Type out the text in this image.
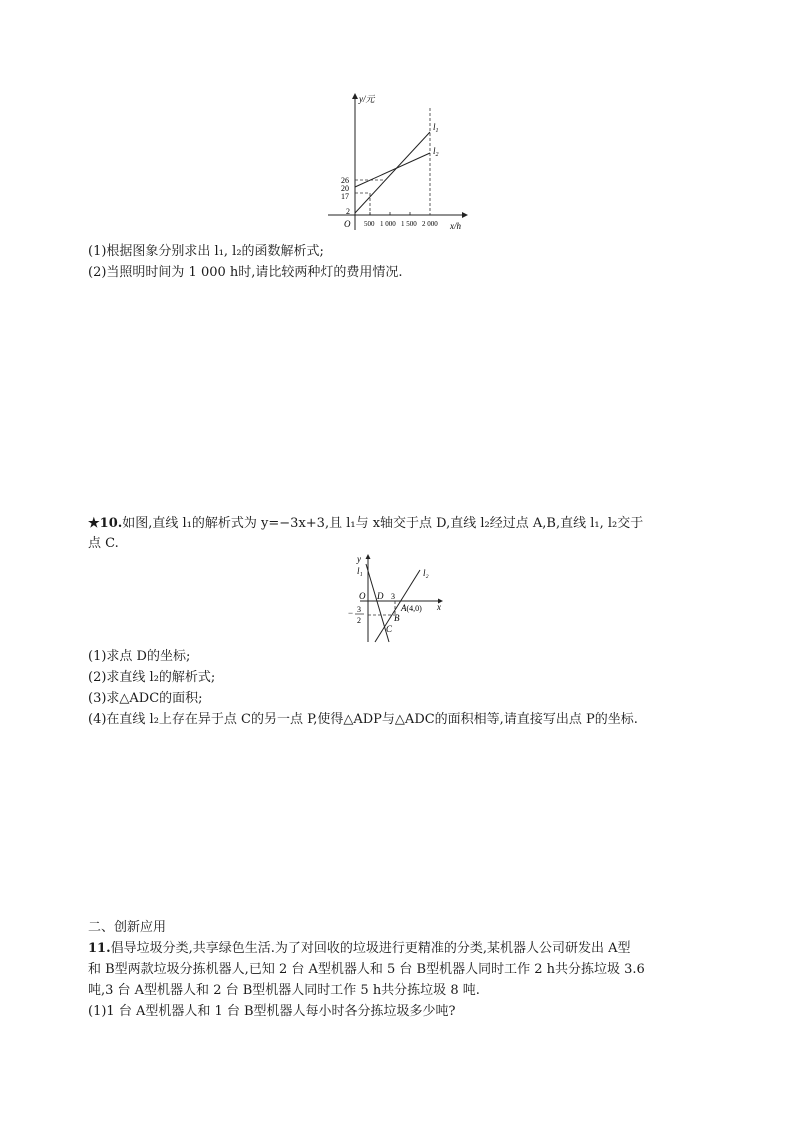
y/元
x/h
O
26
20
17
2
500 1 000 1 500 2 000
$l_1$
$l_2$
(1)根据图象分别求出 l₁, l₂的函数解析式;
(2)当照明时间为 1 000 h时,请比较两种灯的费用情况.
★10.如图,直线 l₁的解析式为 y=−3x+3,且 l₁与 x轴交于点 D,直线 l₂经过点 A,B,直线 l₁, l₂交于
点 C.
y
l₁	l₂
x
O D 3
A(4,0)
B
C
− 3
2
(1)求点 D的坐标;
(2)求直线 l₂的解析式;
(3)求△ADC的面积;
(4)在直线 l₂上存在异于点 C的另一点 P,使得△ADP与△ADC的面积相等,请直接写出点 P的坐标.
二、创新应用
11.倡导垃圾分类,共享绿色生活.为了对回收的垃圾进行更精准的分类,某机器人公司研发出 A型
和 B型两款垃圾分拣机器人,已知 2 台 A型机器人和 5 台 B型机器人同时工作 2 h共分拣垃圾 3.6
吨,3 台 A型机器人和 2 台 B型机器人同时工作 5 h共分拣垃圾 8 吨.
(1)1 台 A型机器人和 1 台 B型机器人每小时各分拣垃圾多少吨?
